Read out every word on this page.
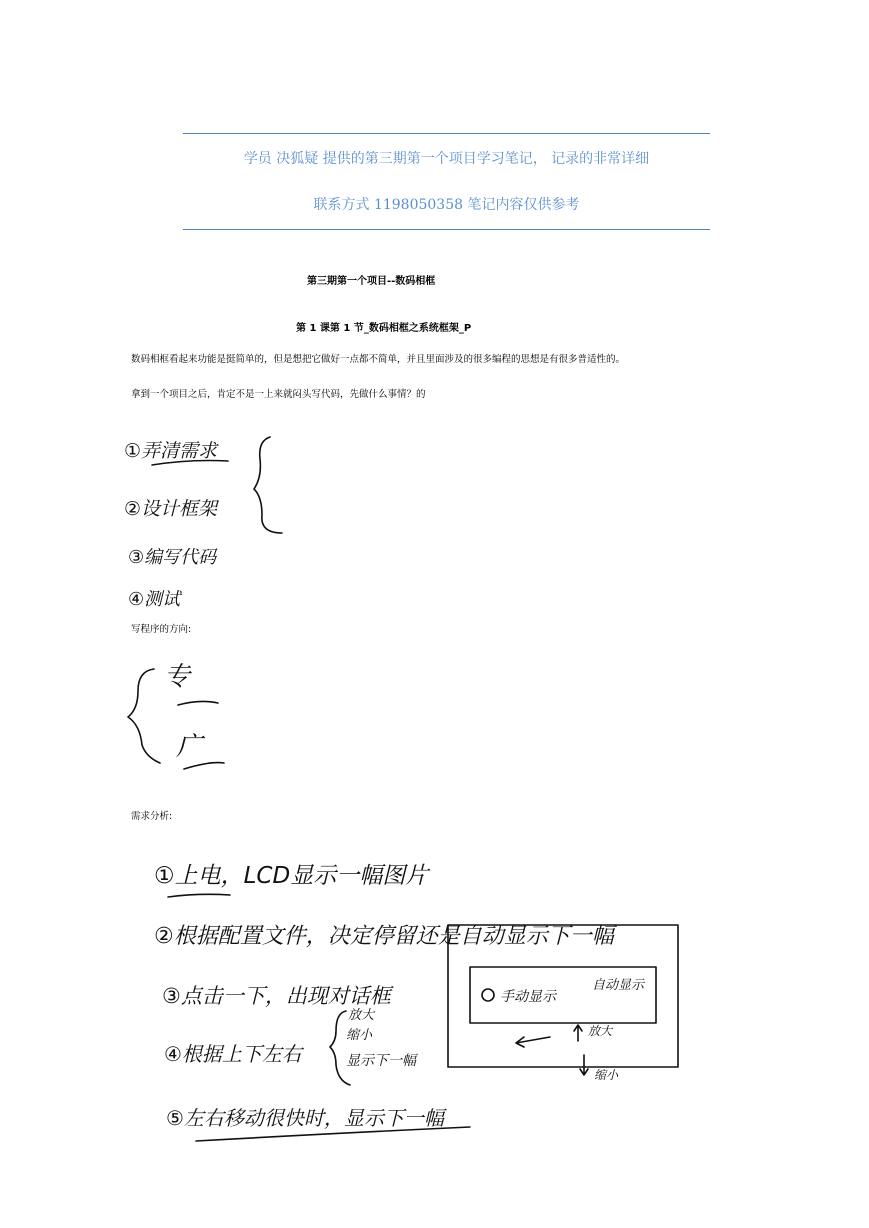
学员 决狐疑 提供的第三期第一个项目学习笔记， 记录的非常详细
联系方式 1198050358 笔记内容仅供参考
第三期第一个项目--数码相框
第 1 课第 1 节_数码相框之系统框架_P
数码相框看起来功能是挺简单的，但是想把它做好一点都不简单，并且里面涉及的很多编程的思想是有很多普适性的。
拿到一个项目之后，肯定不是一上来就闷头写代码，先做什么事情？的
①弄清需求
②设计框架
③编写代码
④测试
写程序的方向:
专
广
需求分析:
①上电，LCD显示一幅图片
②根据配置文件，决定停留还是自动显示下一幅
③点击一下，出现对话框
④根据上下左右
放大
缩小
显示下一幅
⑤左右移动很快时，显示下一幅
手动显示
自动显示
放大
缩小
